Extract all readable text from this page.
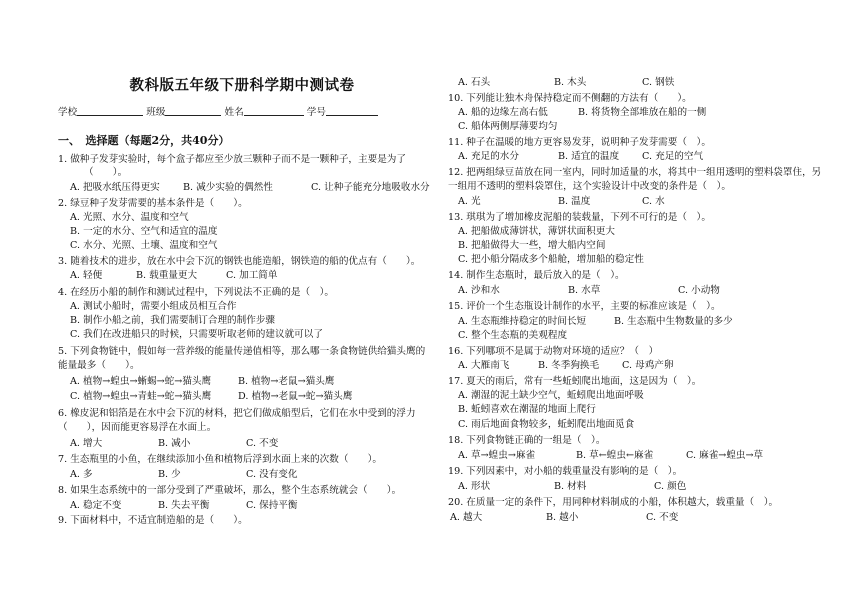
教科版五年级下册科学期中测试卷
学校	班级	姓名	学号
一、　选择题（每题2分，共40分）
1. 做种子发芽实验时，每个盒子都应至少放三颗种子而不是一颗种子，主要是为了
（　　）。
A. 把吸水纸压得更实 B. 减少实验的偶然性	C. 让种子能充分地吸收水分
2. 绿豆种子发芽需要的基本条件是（　　）。
A. 光照、水分、温度和空气
B. 一定的水分、空气和适宜的温度
C. 水分、光照、土壤、温度和空气
3. 随着技术的进步，放在水中会下沉的钢铁也能造船，钢铁造的船的优点有（　　）。
A. 轻便	B. 载重量更大	C. 加工简单
4. 在经历小船的制作和测试过程中，下列说法不正确的是（　）。
A. 测试小船时，需要小组成员相互合作
B. 制作小船之前，我们需要制订合理的制作步骤
C. 我们在改进船只的时候，只需要听取老师的建议就可以了
5. 下列食物链中，假如每一营养级的能量传递值相等，那么哪一条食物链供给猫头鹰的
能量最多（　　）。
A. 植物→蝗虫→蜥蜴→蛇→猫头鹰	B. 植物→老鼠→猫头鹰
C. 植物→蝗虫→青蛙→蛇→猫头鹰	D. 植物→老鼠→蛇→猫头鹰
6. 橡皮泥和铝箔是在水中会下沉的材料，把它们做成船型后，它们在水中受到的浮力
（　　），因而能更容易浮在水面上。
A. 增大	B. 减小	C. 不变
7. 生态瓶里的小鱼，在继续添加小鱼和植物后浮到水面上来的次数（　　）。
A. 多	B. 少	C. 没有变化
8. 如果生态系统中的一部分受到了严重破坏，那么，整个生态系统就会（　　）。
A. 稳定不变	B. 失去平衡	C. 保持平衡
9. 下面材料中，不适宜制造船的是（　　）。
A. 石头	B. 木头	C. 钢铁
10. 下列能让独木舟保持稳定而不侧翻的方法有（　　）。
A. 船的边缘左高右低	B. 将货物全部堆放在船的一侧
C. 船体两侧厚薄要均匀
11. 种子在温暖的地方更容易发芽，说明种子发芽需要（　）。
A. 充足的水分	B. 适宜的温度 C. 充足的空气
12. 把两组绿豆苗放在同一室内，同时加适量的水，将其中一组用透明的塑料袋罩住，另
一组用不透明的塑料袋罩住，这个实验设计中改变的条件是（　）。
A. 光	B. 温度	C. 水
13. 琪琪为了增加橡皮泥船的装载量，下列不可行的是（　）。
A. 把船做成薄饼状，薄饼状面积更大
B. 把船做得大一些，增大船内空间
C. 把小船分隔成多个船舱，增加船的稳定性
14. 制作生态瓶时，最后放入的是（　）。
A. 沙和水	B. 水草	C. 小动物
15. 评价一个生态瓶设计制作的水平，主要的标准应该是（　）。
A. 生态瓶维持稳定的时间长短	B. 生态瓶中生物数量的多少
C. 整个生态瓶的美观程度
16. 下列哪项不是属于动物对环境的适应？（　）
A. 大雁南飞	B. 冬季狗换毛 C. 母鸡产卵
17. 夏天的雨后，常有一些蚯蚓爬出地面，这是因为（　）。
A. 潮湿的泥土缺少空气，蚯蚓爬出地面呼吸
B. 蚯蚓喜欢在潮湿的地面上爬行
C. 雨后地面食物较多，蚯蚓爬出地面觅食
18. 下列食物链正确的一组是（　）。
A. 草→蝗虫→麻雀	B. 草←蝗虫←麻雀	C. 麻雀→蝗虫→草
19. 下列因素中，对小船的载重量没有影响的是（　）。
A. 形状	B. 材料	C. 颜色
20. 在质量一定的条件下，用同种材料制成的小船，体积越大，载重量（　）。
A. 越大	B. 越小	C. 不变
